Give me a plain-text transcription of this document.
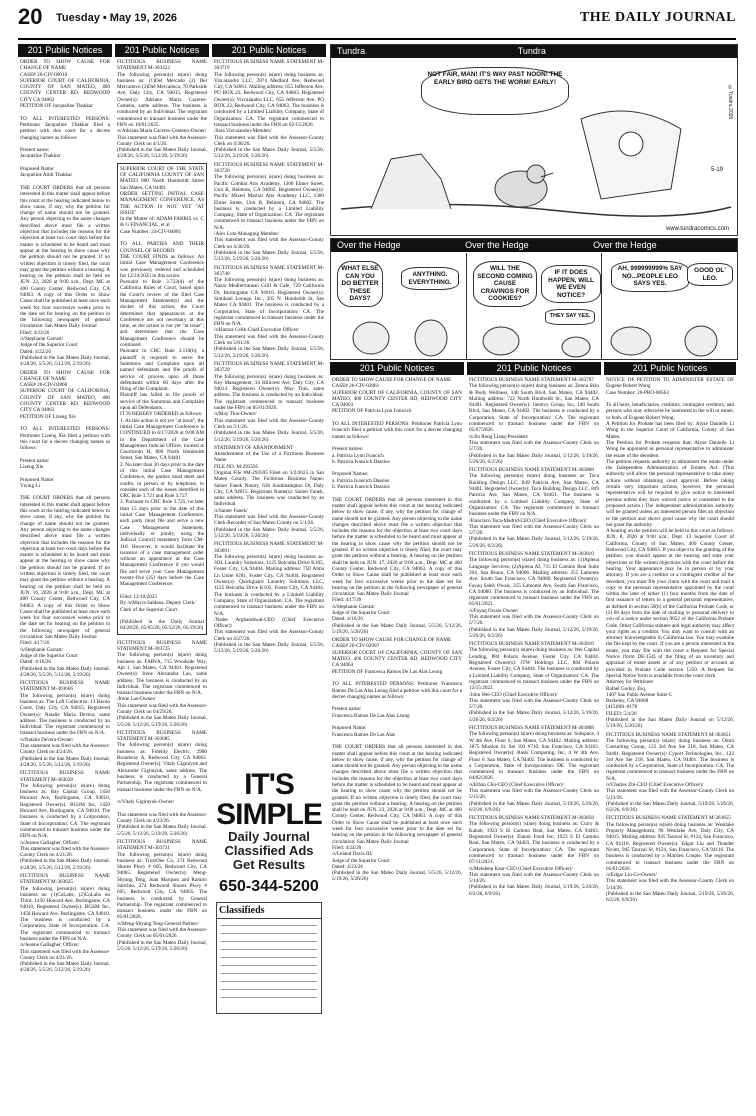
20 Tuesday • May 19, 2026	THE DAILY JOURNAL
201 Public Notices
ORDER TO SHOW CAUSE FOR CHANGE OF NAME
CASE# 26-CIV-00010
SUPERIOR COURT OF CALIFORNIA, COUNTY OF SAN MATEO, 400 COUNTY CENTER RD, REDWOOD CITY CA 94063
PETITION OF Jacqueline Thakkar

TO ALL INTERESTED PERSONS: Petitioner Jacqueline Thakkar filed a petition with this court for a decree changing names as follows:

Present name:
Jacqueline Thakkar

Proposed Name:
Jacqueline Amit Thakkar

THE COURT ORDERS that all persons interested in this matter shall appear before this court at the hearing indicated below to show cause, if any, why the petition for change of name should not be granted. Any person objecting to the name changes described above must file a written objection that includes the reasons for the objection at least two court days before the matter is scheduled to be heard and must appear at the hearing to show cause why the petition should not be granted. If no written objection is timely filed, the court may grant the petition without a hearing. A hearing on the petition shall be held on JUN. 22, 2026 at 9:00 a.m., Dept. MC at 400 County Center, Redwood City, CA 94063. A copy of this Order to Show Cause shall be published at least once each week for four successive weeks prior to the date set for hearing on the petition in the following newspaper of general circulation: San Mateo Daily Journal
Filed: 4/23/26
/s/Stephanie Garratt/
Judge of the Superior Court
Dated: 4/22/26
(Published in the San Mateo Daily Journal, 4/28/26, 5/5/26, 5/12/26, 5/19/26)
ORDER TO SHOW CAUSE FOR CHANGE OF NAME
CASE# 26-CIV-02860
SUPERIOR COURT OF CALIFORNIA, COUNTY OF SAN MATEO, 400 COUNTY CENTER RD, REDWOOD CITY CA 94063
PETITION OF Lizeng Xie

TO ALL INTERESTED PERSONS: Petitioner Lizeng Xie filed a petition with this court for a decree changing names as follows:

Present name:
Lizeng Xie

Proposed Name:
Yixing Li

THE COURT ORDERS that all persons interested in this matter shall appear before this court at the hearing indicated below to show cause, if any, why the petition for change of name should not be granted. Any person objecting to the name changes described above must file a written objection that includes the reasons for the objection at least two court days before the matter is scheduled to be heard and must appear at the hearing to show cause why the petition should not be granted. If no written objection is timely filed, the court may grant the petition without a hearing. A hearing on the petition shall be held on JUN. 16, 2026 at 9:00 a.m., Dept. MC at 400 County Center, Redwood City, CA 94063. A copy of this Order to Show Cause shall be published at least once each week for four successive weeks prior to the date set for hearing on the petition in the following newspaper of general circulation: San Mateo Daily Journal
Filed: 4/17/26
/s/Stephanie Garratt/
Judge of the Superior Court
Dated: 4/16/26
(Published in the San Mateo Daily Journal, 4/28/26, 5/5/26, 5/12/26, 5/19/26)
FICTITIOUS BUSINESS NAME STATEMENT M-303666
The following person(s) is(are) doing business as: The Loft Collective, 13 Bacon Court, Daly City, CA 94015, Registered Owner(s): Natalie Maria Devera, same address. The business is conducted by an Individual. The registrant commenced to transact business under the FBN on N/A.
/s/Natalie Devera-Owner/
This statement was filed with the Assessor-County Clerk on 4/24/26.
(Published in the San Mateo Daily Journal, 4/28/26, 5/5/26, 5/12/26, 5/19/26)
FICTITIOUS BUSINESS NAME STATEMENT M-303628
The following person(s) is(are) doing business as: Bay Capital Group, 1450 Howard Ave, Burlingame, CA 94010, Registered Owner(s): BGSM Inc, 1450 Howard Ave, Burlingame, CA 94010. The business is conducted by a Corporation, State of Incorporation: CA. The registrant commenced to transact business under the FBN on N/A.
/s/Jeanne Gallagher, Officer/
This statement was filed with the Assessor-County Clerk on 4/21/26.
(Published in the San Mateo Daily Journal, 4/28/26, 5/5/26, 5/12/26, 5/19/26)
FICTITIOUS BUSINESS NAME STATEMENT M-303625
The following person(s) is(are) doing business as: (1)CoLabs; (2)CoLabs on Third, 1450 Howard Ave, Burlingame, CA 94010, Registered Owner(s): BGSM Inc, 1450 Howard Ave, Burlingame, CA 94010. The business is conducted by a Corporation, State of Incorporation: CA. The registrant commenced to transact business under the FBN on N/A.
/s/Jeanne Gallagher, Officer/
This statement was filed with the Assessor-County Clerk on 4/21/26.
(Published in the San Mateo Daily Journal, 4/28/26, 5/5/26, 5/12/26, 5/19/26)
201 Public Notices
FICTITIOUS BUSINESS NAME STATEMENT M-303422
The following person(s) is(are) doing business as: (1)Del Mercado (2) Del Mercadovo (3)Del Mercadoca, 70 Parkside Ave, Daly City, CA 94015, Registered Owner(s): Adriana Maria Caceres-Centeno, same address. The business is conducted by an Individual. The registrant commenced to transact business under the FBN on 10/01/2025.
/s/Adriana Maria Caceres-Centeno-Owner/
This statement was filed with the Assessor-County Clerk on 4/1/26.
(Published in the San Mateo Daily Journal, 4/28/26, 5/5/26, 5/12/26, 5/19/26)
SUPERIOR COURT OF THE STATE OF CALIFORNIA COUNTY OF SAN MATEO 800 North Humboldt Street San Mateo, CA 94401
ORDER SETTING INITIAL CASE MANAGEMENT CONFERENCE, AS THE ACTION IS NOT YET "AT ISSUE"
In the Matter of: ADAM FARRIS vs. C & G FINANCIAL, et al
Case Number: 24-CIV-04881

TO ALL PARTIES AND THEIR COUNSEL OF RECORD:
THE COURT FINDS as follows: An initial Case Management Conference was previously ordered and scheduled for 12/24/2025 in this action.
Pursuant to Rule 3.722(d) of the California Rules of Court, based upon the Court's review of the filed Case Management Statement(s) and the docket of this action, the Court determines that appearances at the Conference are not necessary at this time, as the action is not yet "at issue"; and determines that the Case Management Conference should be continued.
Pursuant to CRC Rule 3.110(b), a plaintiff is required to serve the Summons and Complaint upon all named defendants and file proofs of service of process upon all those defendants within 60 days after the filing of the Complaint.
Plaintiff has failed to file proofs of service of the Summons and Complaint upon all Defendants.
IT IS HEREBY ORDERED as follows:
1. As this action is not yet "at issue", the initial Case Management Conference is CONTINUED to 6/17/2026 at 9:00 AM in the Department of the Case Management Judicial Officer, located at Courtroom H, 800 North Humboldt Street, San Mateo, CA 94401.
2. No later than 30 days prior to the date of this initial Case Management Conference, the parties must meet and confer, in person or by telephone, to consider each of the issues identified in CRC Rule 3.721 and Rule 3.727.
3. Pursuant to CRC Rule 3.725, no later than 15 days prior to the date of this initial Case Management Conference, each party must file and serve a new Case Management Statement, individually or jointly, using the Judicial Council mandatory form CM-110. However, it would facilitate the issuance of a case management order without an appearance at the Case Management Conference if you would file and serve your Case Management twenty-five (25) days before the Case Management Conference.

Filed: 12/10/2025
By /s/Mayra Saldana, Deputy Clerk/
Clerk of the Superior Court

(Published in the Daily Journal 04/28/26, 05/05/26, 05/12/26, 05/19/26)
FICTITIOUS BUSINESS NAME STATEMENT M-303725
The following person(s) is(are) doing business as: FARVA, 715 Woodside Way, Apt 1, San Mateo, CA 94401. Registered Owner(s): Irene Alexandra Lao, same address. The business is conducted by an Individual. The registrant commenced to transact business under the FBN on N/A.
/Irene Lao-Owner/
This statement was filed with the Assessor-County Clerk on 04/29/26.
(Published in the San Mateo Daily Journal, 5/5/26, 5/12/26, 5/19/26, 5/26/26)
FICTITIOUS BUSINESS NAME STATEMENT M-303685
The following person(s) is(are) doing business as: Fidelity Electric, 2900 Broadway A, Redwood City, CA 94062. Registered Owner(s): Vitaly Gigintyuk and Alexander Gigintyuk, same address. The business is conducted by a General Partnership. The registrant commenced to transact business under the FBN on N/A.

/s/Vitaly Gigintyuk-Owner/

This statement was filed with the Assessor-County Clerk on 4/23/26.
(Published in the San Mateo Daily Journal, 5/5/26, 5/12/26, 5/19/26, 5/26/26)
FICTITIOUS BUSINESS NAME STATEMENT M-303731
The following person(s) is(are) doing business as: TrustOne Co, 274 Redwood Shores Pkwy # 605, Redwood City, CA 94065. Registered Owner(s): Meng-Shyang Teng, Juan Marquez and Ramiro Sanchez, 274 Redwood Shores Pkwy # 605, Redwood City, CA 94065. The business is conducted by General Partnership. The registrant commenced to transact business under the FBN on 05/01/2026.
/s/Meng-Shyang Teng-General Partner/
This statement was filed with the Assessor-County Clerk on 05/01/2026.
(Published in the San Mateo Daily Journal, 5/5/26, 5/12/26, 5/19/26, 5/26/26)
201 Public Notices
FICTITIOUS BUSINESS NAME STATEMENT M-303719
The following person(s) is(are) doing business as: Vizcaíandro LLC, 2874 Medford Ave, Redwood City, CA 94061. Mailing address: 655 Jefferson Ave, PO BOX 23, Redwood City, CA 94063. Registered Owner(s): Vizcaíandro LLC, 655 Jefferson Ave, PO BOX 23, Redwood City, CA 94063. The business is conducted by a Limited Liability Company, State of Organization: CA. The registrant commenced to transact business under the FBN on 02/15/2026.
/Sara Vizcaíandro-Member/
This statement was filed with the Assessor-County Clerk on 4/30/26.
(Published in the San Mateo Daily Journal, 5/5/26, 5/12/26, 5/19/26, 5/26/26)
FICTITIOUS BUSINESS NAME STATEMENT M-303720
The following person(s) is(are) doing business as: Pacific Combat Arts Academy, 1300 Elmer Street, Unit B, Belmont, CA 94002. Registered Owner(s): Pacific Mixed Martial Arts Academy LLC, 1300 Elmer Street, Unit B, Belmont, CA 94002. The business is conducted by a Limited Liability Company, State of Organization: CA. The registrant commenced to transact business under the FBN on N/A.
/Alex Lutz-Managing Member/
This statement was filed with the Assessor-County Clerk on 4/30/26.
(Published in the San Mateo Daily Journal, 5/5/26, 5/12/26, 5/19/26, 5/26/26)
FICTITIOUS BUSINESS NAME STATEMENT M-303740
The following person(s) is(are) doing business as: Nazar Mediterranean Grill & Cafe, 729 California Dr, Burlingame CA 94010. Registered Owner(s): Simikani Lounge, Inc., 205 N. Humboldt St, San Mateo CA 94401. The business is conducted by a Corporation, State of Incorporation: CA. The registrant commenced to transact business under the FBN on N/A.
/s/Hamza Celik-Chief Executive Officer/
This statement was filed with the Assessor-County Clerk on 5/01/26.
(Published in the San Mateo Daily Journal, 5/5/26, 5/12/26, 5/19/26, 5/26/26)
FICTITIOUS BUSINESS NAME STATEMENT M-303729
The following person(s) is(are) doing business as: Key Management, 34 Hillcrest Ave, Daly City, CA 94014. Registered Owner(s): May Thin, same address. The business is conducted by an Individual. The registrant commenced to transact business under the FBN on 05/01/2026.
/s/May Thin-Owner/
This statement was filed with the Assessor-County Clerk on 5/1/26.
(Published in the San Mateo Daily Journal, 5/5/26, 5/12/26, 5/19/26, 5/26/26)
STATEMENT OF ABANDONMENT
Abandonment of the Use of a Fictitious Business Name
FILE NO. M-293595
Original File #M-293595 Filed on 3/2/2025 in San Mateo County. The Fictitious Business Name: Samer Fanek Notary, 636 Southhampton Dr, Daly City, CA 94015. Registrant Name(s): Samer Fanek, same address. The business was conducted by an Individual.
/s/Samer Fanek/
This statement was filed with the Assessor-County Clerk-Recorder of San Mateo County on 5/1/26.
(Published in the San Mateo Daily Journal, 5/5/26, 5/12/26, 5/19/26, 5/26/26)
FICTITIOUS BUSINESS NAME STATEMENT M-303691
The following person(s) is(are) doing business as: 3OL Laundry Solutions, 1125 Belcutha Drive K105, Foster City, CA 94404. Mailing address: 750 Alma Ln Unite #281, Foster City, CA 94404. Registered Owner(s): Quickguard Laundry Solutions LLC, 1125 Belcutha Drive K105, Foster City, CA 94404. The business is conducted by a Limited Liability Company, State of Organization: CA. The registrant commenced to transact business under the FBN on N/A.
/Nader Arghandiwal-CEO (Chief Executive Officer)/
This statement was filed with the Assessor-County Clerk on 4/27/26.
(Published in the San Mateo Daily Journal, 5/5/26, 5/12/26, 5/19/26, 5/26/26)
IT'S SIMPLE
Daily Journal
Classified Ads
Get Results
650-344-5200
Classifieds
Tundra	Tundra
NOT FAIR, MAN! IT'S WAY PAST NOON! THE EARLY BIRD GETS THE WORM! EARLY!
5-19
©Tundra 2026
www.tundracomics.com
Over the Hedge	Over the Hedge	Over the Hedge
WHAT ELSE CAN YOU DO BETTER THESE DAYS?
ANYTHING. EVERYTHING.
WILL THE SECOND COMING CAUSE CRAVINGS FOR COOKIES?
IF IT DOES HAPPEN, WILL WE EVEN NOTICE?
THEY SAY YES.
AH, 999999999% SAY NO...PEOPLE LEO SAYS YES.
GOOD OL' LEO.
201 Public Notices
ORDER TO SHOW CAUSE FOR CHANGE OF NAME
CASE# 26-CIV-02861
SUPERIOR COURT OF CALIFORNIA, COUNTY OF SAN MATEO, 400 COUNTY CENTER RD, REDWOOD CITY CA 94063
PETITION OF Patricia Lynn Ivancich

TO ALL INTERESTED PERSONS: Petitioner Patricia Lynn Ivancich filed a petition with this court for a decree changing names as follows:

Present names:
a. Patricia Lynn Ivancich
b. Patricia Ivancich Dassios

Proposed Names:
a. Patricia Ivancich Dassios
b. Patricia Ivancich Dassios

THE COURT ORDERS that all persons interested in this matter shall appear before this court at the hearing indicated below to show cause, if any, why the petition for change of name should not be granted. Any person objecting to the name changes described above must file a written objection that includes the reasons for the objection at least two court days before the matter is scheduled to be heard and must appear at the hearing to show cause why the petition should not be granted. If no written objection is timely filed, the court may grant the petition without a hearing. A hearing on the petition shall be held on JUN. 17, 2026 at 9:00 a.m., Dept. MC at 400 County Center, Redwood City, CA 94063. A copy of this Order to Show Cause shall be published at least once each week for four successive weeks prior to the date set for hearing on the petition in the following newspaper of general circulation: San Mateo Daily Journal
Filed: 4/17/26
/s/Stephanie Garratt/
Judge of the Superior Court
Dated: 4/16/26
(Published in the San Mateo Daily Journal, 5/5/26, 5/12/26, 5/19/26, 5/26/26)
ORDER TO SHOW CAUSE FOR CHANGE OF NAME
CASE# 26-CIV-02907
SUPERIOR COURT OF CALIFORNIA, COUNTY OF SAN MATEO, 400 COUNTY CENTER RD, REDWOOD CITY CA 94063
PETITION OF Francesca Ramos De Las Alas Leung

TO ALL INTERESTED PERSONS: Petitioner Francesca Ramos De Las Alas Leung filed a petition with this court for a decree changing names as follows:

Present name:
Francesca Ramos De Las Alas Leung

Proposed Name:
Francesca Ramos De Las Alas

THE COURT ORDERS that all persons interested in this matter shall appear before this court at the hearing indicated below to show cause, if any, why the petition for change of name should not be granted. Any person objecting to the name changes described above must file a written objection that includes the reasons for the objection at least two court days before the matter is scheduled to be heard and must appear at the hearing to show cause why the petition should not be granted. If no written objection is timely filed, the court may grant the petition without a hearing. A hearing on the petition shall be held on JUN. 23, 2026 at 9:00 a.m., Dept. MC at 400 County Center, Redwood City, CA 94063. A copy of this Order to Show Cause shall be published at least once each week for four successive weeks prior to the date set for hearing on the petition in the following newspaper of general circulation: San Mateo Daily Journal
Filed: 4/24/26
/s/Leland Davis III/
Judge of the Superior Court
Dated: 4/23/26
(Published in the San Mateo Daily Journal, 5/5/26, 5/12/26, 5/19/26, 5/26/26)
201 Public Notices
FICTITIOUS BUSINESS NAME STATEMENT M-303787
The following person(s) is(are) doing business as: Zenna Skin & Body Wellness, 140 South Blvd, San Mateo, CA 94402. Mailing address: 722 North Humboldt St., San Mateo, CA 94401. Registered Owner(s): Jiennvy Group, Inc, 140 South Blvd, San Mateo, CA 94402. The business is conducted by a Corporation, State of Incorporation: CA. The registrant commenced to transact business under the FBN on 05/07/2026.
/s/Jin Rong Liang-President/
This statement was filed with the Assessor-County Clerk on 5/7/26.
(Published in the San Mateo Daily Journal, 5/12/26, 5/19/26, 5/26/26, 6/2/26)
FICTITIOUS BUSINESS NAME STATEMENT M-303808
The following person(s) is(are) doing business as: Toca Building Design LLC, 849 Patricia Ave, San Mateo, CA 94401. Registered Owner(s): Toca Building Design LLC, 849 Patricia Ave, San Mateo, CA 94401. The business is conducted by a Limited Liability Company, State of Organization: CA. The registrant commenced to transact business under the FBN on N/A.
/Francisco Toca-Madrid-CEO (Chief Executive Officer)/
This statement was filed with the Assessor-County Clerk on 5/7/26.
(Published in the San Mateo Daily Journal, 5/12/26, 5/19/26, 5/26/26, 6/2/26)
FICTITIOUS BUSINESS NAME STATEMENT M-303810
The following person(s) is(are) doing business as: (1)Aplena Language Services; (2)Aplena AI, 715 El Camino Real Suite 204, San Bruno, CA 94066. Mailing address: 255 Lamonte Ave, South San Francisco, CA 94080. Registered Owner(s): Fayaq Saleh Owais, 255 Lamonte Ave, South San Francisco, CA 94080. The business is conducted by an Individual. The registrant commenced to transact business under the FBN on 05/01/2021.
/s/Fayaq Owais-Owner/
This statement was filed with the Assessor-County Clerk on 5/7/26.
(Published in the San Mateo Daily Journal, 5/12/26, 5/19/26, 5/26/26, 6/2/26)
FICTITIOUS BUSINESS NAME STATEMENT M-303816
The following person(s) is(are) doing business as: Wei Capital Lending, 884 Polaris Avenue, Foster City, CA 94404. Registered Owner(s): JTW Holdings LLC, 884 Polaris Avenue, Foster City, CA 94404. The business is conducted by a Limited Liability Company, State of Organization: CA. The registrant commenced to transact business under the FBN on 12/15/2022.
/John Wei-CEO (Chief Executive Officer)/
This statement was filed with the Assessor-County Clerk on 5/7/26.
(Published in the San Mateo Daily Journal, 5/12/26, 5/19/26, 5/26/26, 6/2/26)
FICTITIOUS BUSINESS NAME STATEMENT M-303808
The following person(s) is(are) doing business as: Subspace, 4 W 4th Ave, Floor 6, San Mateo, CA 94402. Mailing address: 1875 Mission St. Ste 103 #710, San Francisco, CA 94103. Registered Owner(s): Basis Computing, Inc, 4 W 4th Ave, Floor 6, San Mateo, CA 94402. The business is conducted by a Corporation, State of Incorporation: DE. The registrant commenced to transact business under the FBN on 04/02/2026.
/s/Ethan Chu-CEO (Chief Executive Officer)/
This statement was filed with the Assessor-County Clerk on 5/15/26.
(Published in the San Mateo Daily Journal, 5/19/26, 5/26/26, 6/2/26, 6/9/26)
FICTITIOUS BUSINESS NAME STATEMENT M-303858
The following person(s) is(are) doing business as: Curry & Kabab, 1923 S El Camino Real, San Mateo, CA 94403. Registered Owner(s): Elanor Food Inc, 1923 S El Camino Real, San Mateo, CA 94403. The business is conducted by a Corporation, State of Incorporation: CA. The registrant commenced to transact business under the FBN on 07/11/2021.
/s/Mehdeep Kaur-CEO (Chief Executive Officer)/
This statement was filed with the Assessor-County Clerk on 5/14/26.
(Published in the San Mateo Daily Journal, 5/19/26, 5/26/26, 6/2/26, 6/9/26)
201 Public Notices
NOTICE OF PETITION TO ADMINISTER ESTATE OF Eugene Robert Wong
Case Number: 26-PRO-00563

To all heirs, beneficiaries, creditors, contingent creditors, and persons who may otherwise be interested in the will or estate, or both, of Eugene Robert Wong.
A Petition for Probate has been filed by: Alyse Danielle Li Wong in the Superior Court of California, County of San Mateo.
The Petition for Probate requests that: Alyse Danielle Li Wong be appointed as personal representative to administer the estate of the decedent.
The petition requests authority to administer the estate under the Independent Administration of Estates Act. (This authority will allow the personal representative to take many actions without obtaining court approval. Before taking certain very important actions, however, the personal representative will be required to give notice to interested persons unless they have waived notice or consented to the proposed action.) The independent administration authority will be granted unless an interested person files an objection to the petition and shows good cause why the court should not grant the authority.
A hearing on the petition will be held in this court as follows: JUN. 8, 2026 at 9:00 a.m., Dept. 13 Superior Court of California, County of San Mateo, 400 County Center, Redwood City, CA 94063. If you object to the granting of the petition, you should appear at the hearing and state your objections or file written objections with the court before the hearing. Your appearance may be in person or by your attorney. If you are a creditor or a contingent creditor of the decedent, you must file your claim with the court and mail a copy to the personal representative appointed by the court within the later of either (1) four months from the date of first issuance of letters to a general personal representative, as defined in section 58(b) of the California Probate Code, or (2) 60 days from the date of mailing or personal delivery to you of a notice under section 9052 of the California Probate Code. Other California statutes and legal authority may affect your rights as a creditor. You may want to consult with an attorney knowledgeable in California law. You may examine the file kept by the court. If you are a person interested in the estate, you may file with the court a Request for Special Notice (form DE-154) of the filing of an inventory and appraisal of estate assets or of any petition or account as provided in Probate Code section 1250. A Request for Special Notice form is available from the court clerk.
Attorney for Petitioner
Rafael Godoy, Esq.
1407 San Pablo Avenue Suite C
Berkeley, CA 94608
(415)801-8178
FILED: 5/4/26
(Published in the San Mateo Daily Journal on 5/12/26, 5/19/26, 5/26/26)
FICTITIOUS BUSINESS NAME STATEMENT M-303851
The following person(s) is(are) doing business as: Omni Consulting Group, 122 3rd Ave Ste 218, San Mateo, CA 94401. Registered Owner(s): Cyport Technologies, Inc., 122 3rd Ave Ste 218, San Mateo, CA 94401. The business is conducted by a Corporation, State of Incorporation: CA. The registrant commenced to transact business under the FBN on N/A.
/s/Charles Zhi-CEO (Chief Executive Officer)/
This statement was filed with the Assessor-County Clerk on 5/13/26.
(Published in the San Mateo Daily Journal, 5/19/26, 5/26/26, 6/2/26, 6/9/26)
FICTITIOUS BUSINESS NAME STATEMENT M-303855
The following person(s) is(are) doing business as: Westlake Property Management, 90 Westlake Ave, Daly City, CA 94015. Mailing address: 945 Taraval St, #124, San Francisco, CA 94116. Registered Owner(s): Edgar Liu and Thander Nyunt, 945 Taraval St, #124, San Francisco, CA 94116. The business is conducted by a Married Couple. The registrant commenced to transact business under the FBN on 05/01/2026.
/s/Edgar Liu-Co-Owner/
This statement was filed with the Assessor-County Clerk on 5/14/26.
(Published in the San Mateo Daily Journal, 5/19/26, 5/26/26, 6/2/26, 6/9/26)
